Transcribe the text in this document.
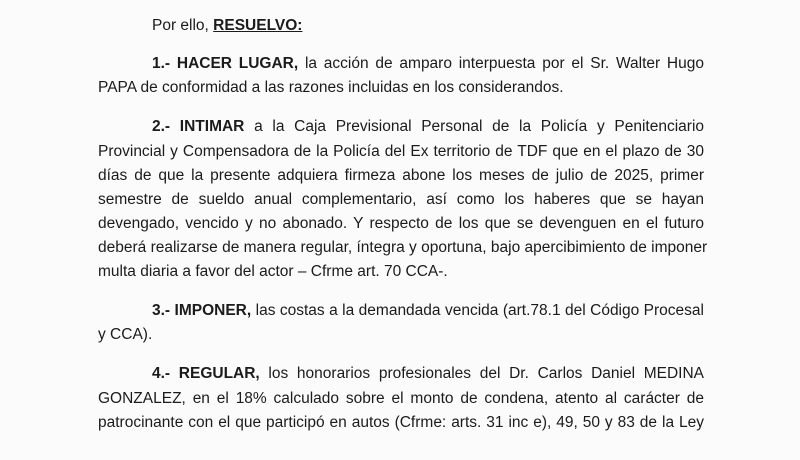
Por ello, RESUELVO:
1.- HACER LUGAR, la acción de amparo interpuesta por el Sr. Walter Hugo
PAPA de conformidad a las razones incluidas en los considerandos.
2.- INTIMAR a la Caja Previsional Personal de la Policía y Penitenciario
Provincial y Compensadora de la Policía del Ex territorio de TDF que en el plazo de 30
días de que la presente adquiera firmeza abone los meses de julio de 2025, primer
semestre de sueldo anual complementario, así como los haberes que se hayan
devengado, vencido y no abonado. Y respecto de los que se devenguen en el futuro
deberá realizarse de manera regular, íntegra y oportuna, bajo apercibimiento de imponer
multa diaria a favor del actor – Cfrme art. 70 CCA-.
3.- IMPONER, las costas a la demandada vencida (art.78.1 del Código Procesal
y CCA).
4.- REGULAR, los honorarios profesionales del Dr. Carlos Daniel MEDINA
GONZALEZ, en el 18% calculado sobre el monto de condena, atento al carácter de
patrocinante con el que participó en autos (Cfrme: arts. 31 inc e), 49, 50 y 83 de la Ley
